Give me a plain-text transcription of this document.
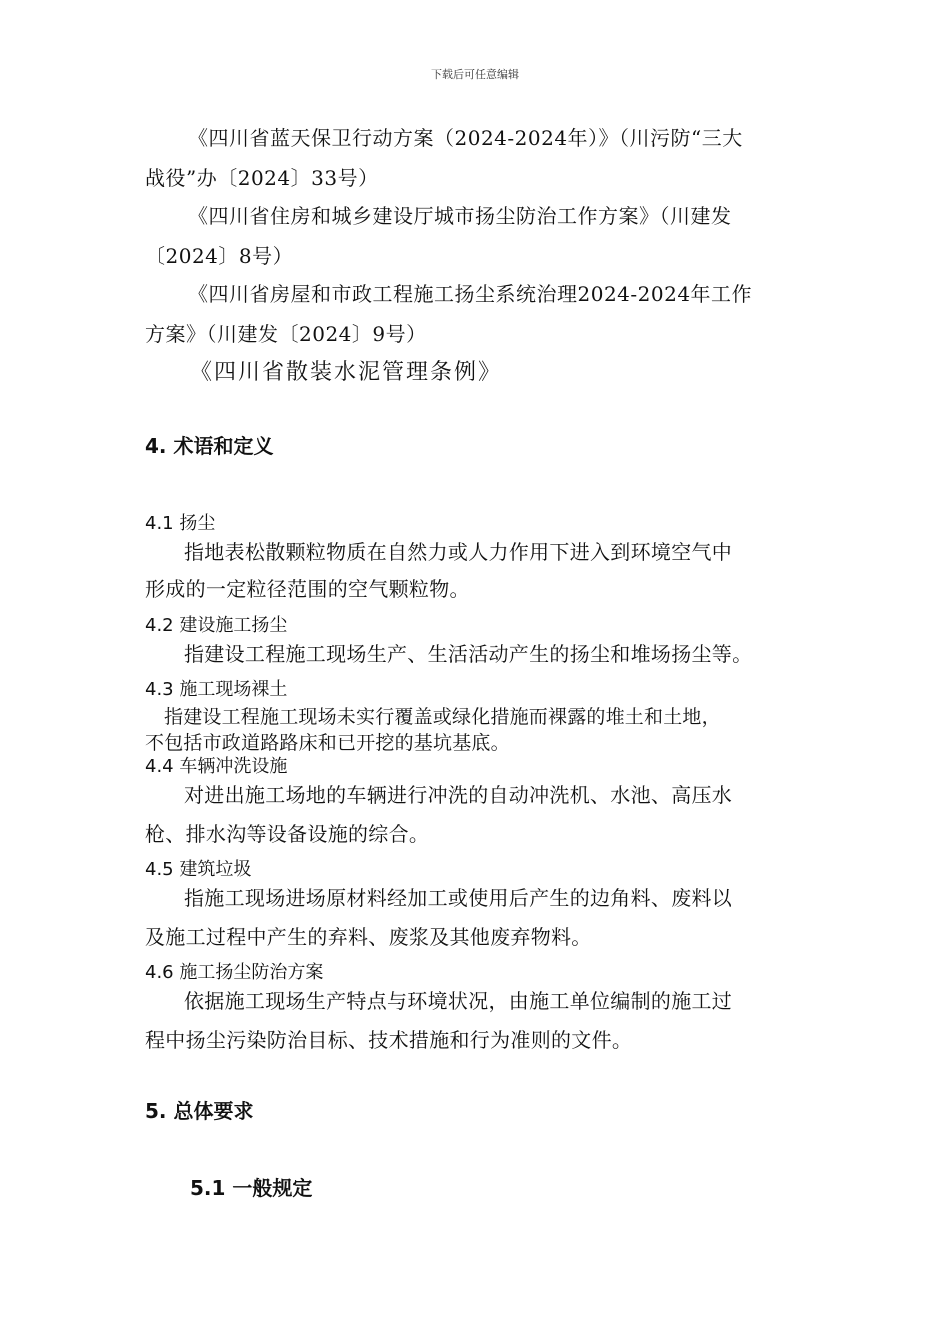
下载后可任意编辑
《四川省蓝天保卫行动方案（2024-2024年）》（川污防“三大
战役”办〔2024〕33号）
《四川省住房和城乡建设厅城市扬尘防治工作方案》（川建发
〔2024〕8号）
《四川省房屋和市政工程施工扬尘系统治理2024-2024年工作
方案》（川建发〔2024〕9号）
《四川省散装水泥管理条例》
4. 术语和定义
4.1 扬尘
指地表松散颗粒物质在自然力或人力作用下进入到环境空气中
形成的一定粒径范围的空气颗粒物。
4.2 建设施工扬尘
指建设工程施工现场生产、生活活动产生的扬尘和堆场扬尘等。
4.3 施工现场裸土
指建设工程施工现场未实行覆盖或绿化措施而裸露的堆土和土地，
不包括市政道路路床和已开挖的基坑基底。
4.4 车辆冲洗设施
对进出施工场地的车辆进行冲洗的自动冲洗机、水池、高压水
枪、排水沟等设备设施的综合。
4.5 建筑垃圾
指施工现场进场原材料经加工或使用后产生的边角料、废料以
及施工过程中产生的弃料、废浆及其他废弃物料。
4.6 施工扬尘防治方案
依据施工现场生产特点与环境状况，由施工单位编制的施工过
程中扬尘污染防治目标、技术措施和行为准则的文件。
5. 总体要求
5.1 一般规定
